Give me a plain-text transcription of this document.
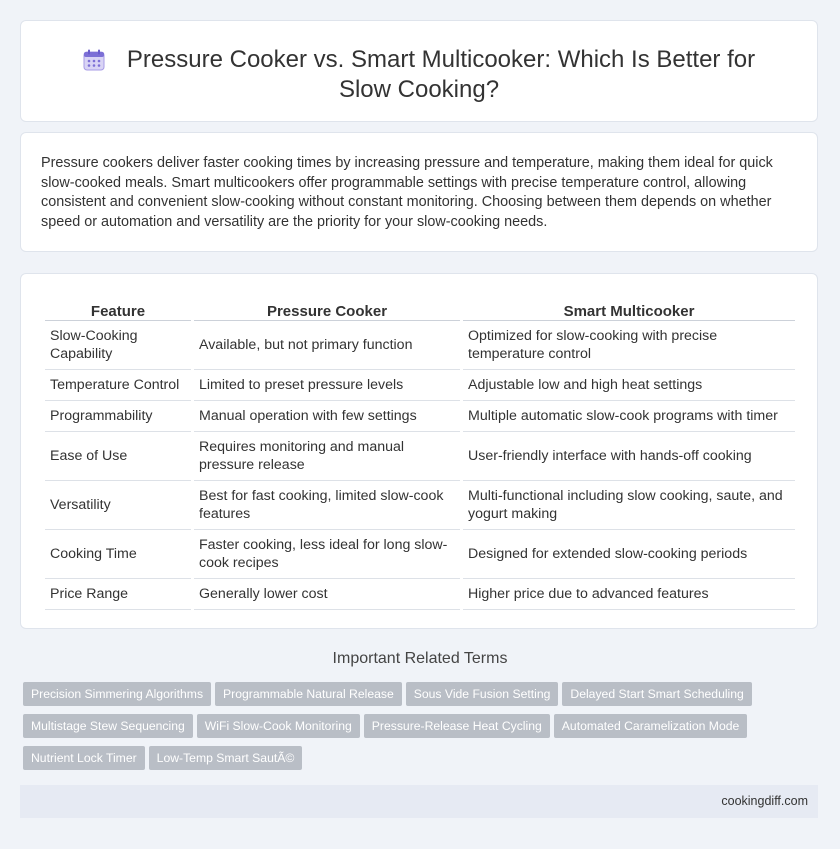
Pressure Cooker vs. Smart Multicooker: Which Is Better for Slow Cooking?

Pressure cookers deliver faster cooking times by increasing pressure and temperature, making them ideal for quick slow-cooked meals. Smart multicookers offer programmable settings with precise temperature control, allowing consistent and convenient slow-cooking without constant monitoring. Choosing between them depends on whether speed or automation and versatility are the priority for your slow-cooking needs.

Feature	Pressure Cooker	Smart Multicooker
Slow-Cooking Capability	Available, but not primary function	Optimized for slow-cooking with precise temperature control
Temperature Control	Limited to preset pressure levels	Adjustable low and high heat settings
Programmability	Manual operation with few settings	Multiple automatic slow-cook programs with timer
Ease of Use	Requires monitoring and manual pressure release	User-friendly interface with hands-off cooking
Versatility	Best for fast cooking, limited slow-cook features	Multi-functional including slow cooking, saute, and yogurt making
Cooking Time	Faster cooking, less ideal for long slow-cook recipes	Designed for extended slow-cooking periods
Price Range	Generally lower cost	Higher price due to advanced features
Important Related Terms
Precision Simmering Algorithms Programmable Natural Release Sous Vide Fusion Setting Delayed Start Smart SchedulingMultistage Stew Sequencing WiFi Slow-Cook Monitoring Pressure-Release Heat Cycling Automated Caramelization ModeNutrient Lock Timer Low-Temp Smart SautÃ©
cookingdiff.com
